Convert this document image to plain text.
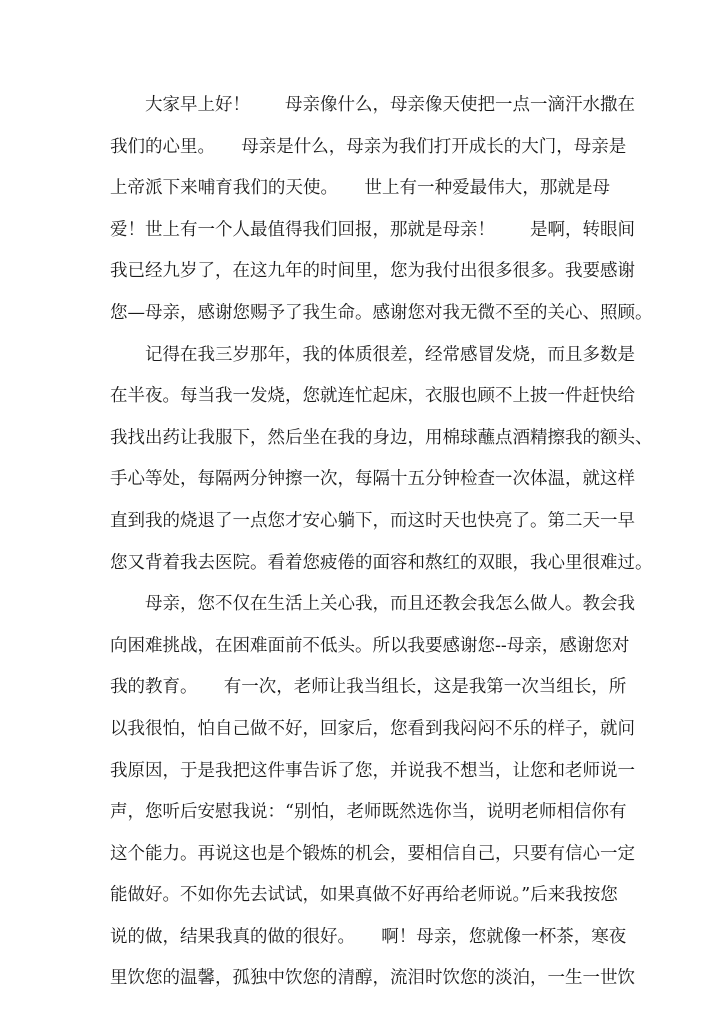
大家早上好！　　母亲像什么，母亲像天使把一点一滴汗水撒在
我们的心里。　　母亲是什么，母亲为我们打开成长的大门，母亲是
上帝派下来哺育我们的天使。　　世上有一种爱最伟大，那就是母
爱！世上有一个人最值得我们回报，那就是母亲！　　是啊，转眼间
我已经九岁了，在这九年的时间里，您为我付出很多很多。我要感谢
您—母亲，感谢您赐予了我生命。感谢您对我无微不至的关心、照顾。
记得在我三岁那年，我的体质很差，经常感冒发烧，而且多数是
在半夜。每当我一发烧，您就连忙起床，衣服也顾不上披一件赶快给
我找出药让我服下，然后坐在我的身边，用棉球蘸点酒精擦我的额头、
手心等处，每隔两分钟擦一次，每隔十五分钟检查一次体温，就这样
直到我的烧退了一点您才安心躺下，而这时天也快亮了。第二天一早
您又背着我去医院。看着您疲倦的面容和熬红的双眼，我心里很难过。
母亲，您不仅在生活上关心我，而且还教会我怎么做人。教会我
向困难挑战，在困难面前不低头。所以我要感谢您--母亲，感谢您对
我的教育。　　有一次，老师让我当组长，这是我第一次当组长，所
以我很怕，怕自己做不好，回家后，您看到我闷闷不乐的样子，就问
我原因，于是我把这件事告诉了您，并说我不想当，让您和老师说一
声，您听后安慰我说：“别怕，老师既然选你当，说明老师相信你有
这个能力。再说这也是个锻炼的机会，要相信自己，只要有信心一定
能做好。不如你先去试试，如果真做不好再给老师说。”后来我按您
说的做，结果我真的做的很好。　　啊！母亲，您就像一杯茶，寒夜
里饮您的温馨，孤独中饮您的清醇，流泪时饮您的淡泊，一生一世饮
